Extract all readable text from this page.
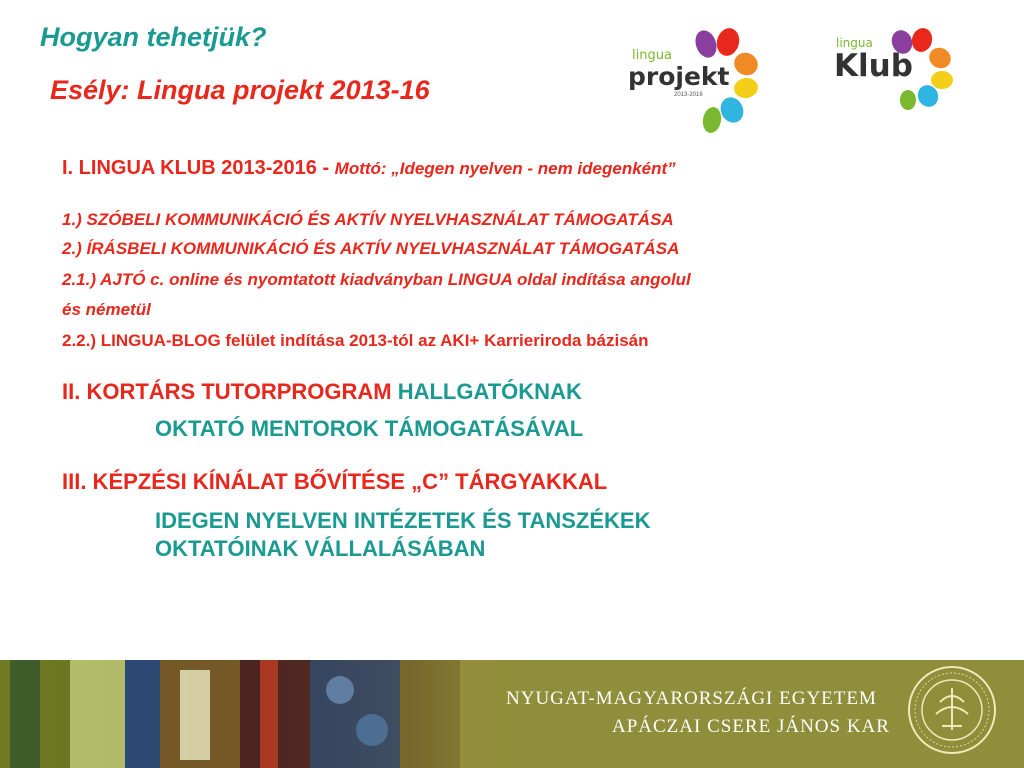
Hogyan tehetjük?
Esély: Lingua projekt 2013-16
lingua
projekt
2013-2016
lingua
Klub
I. LINGUA KLUB 2013-2016 - Mottó: „Idegen nyelven - nem idegenként”
1.) SZÓBELI KOMMUNIKÁCIÓ ÉS AKTÍV NYELVHASZNÁLAT TÁMOGATÁSA
2.) ÍRÁSBELI KOMMUNIKÁCIÓ ÉS AKTÍV NYELVHASZNÁLAT TÁMOGATÁSA
2.1.) AJTÓ c. online és nyomtatott kiadványban LINGUA oldal indítása angolul
és németül
2.2.) LINGUA-BLOG felület indítása 2013-tól az AKI+ Karrieriroda bázisán
II. KORTÁRS TUTORPROGRAM HALLGATÓKNAK
OKTATÓ MENTOROK TÁMOGATÁSÁVAL
III. KÉPZÉSI KÍNÁLAT BŐVÍTÉSE „C” TÁRGYAKKAL
IDEGEN NYELVEN INTÉZETEK ÉS TANSZÉKEK
OKTATÓINAK VÁLLALÁSÁBAN
NYUGAT-MAGYARORSZÁGI EGYETEM
APÁCZAI CSERE JÁNOS KAR
